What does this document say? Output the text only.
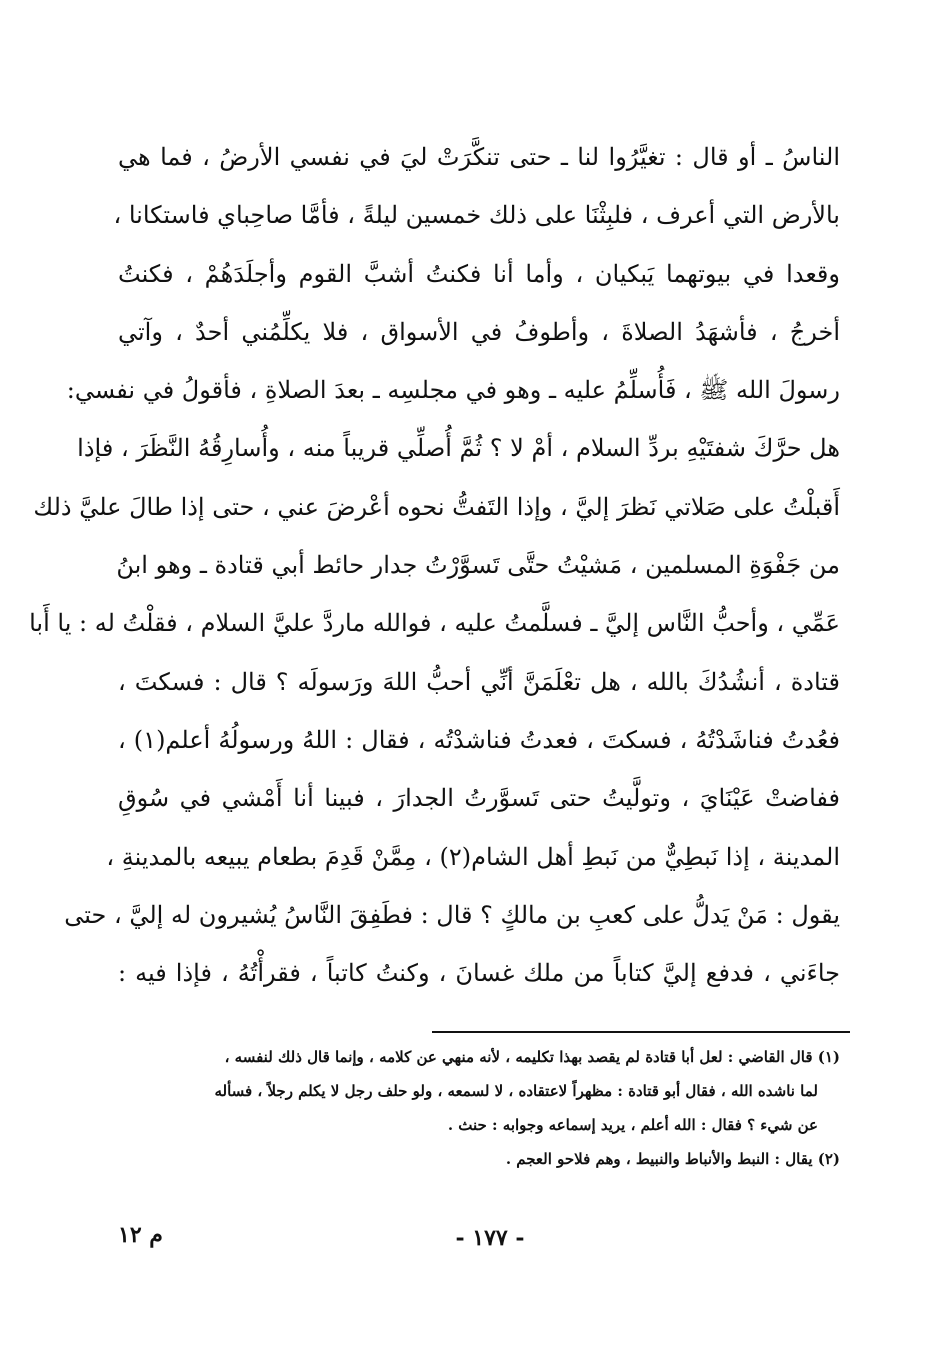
الناسُ ـ أو قال : تغيَّرُوا لنا ـ حتى تنكَّرَتْ ليَ في نفسي الأرضُ ، فما هي
بالأرض التي أعرف ، فلبِثْنَا على ذلك خمسين ليلةً ، فأمَّا صاحِباي فاستكانا ،
وقعدا في بيوتهما يَبكيان ، وأما أنا فكنتُ أشبَّ القوم وأجلَدَهُمْ ، فكنتُ
أخرجُ ، فأشهَدُ الصلاةَ ، وأطوفُ في الأسواق ، فلا يكلِّمُني أحدٌ ، وآتي
رسولَ الله ﷺ ، فَأُسلِّمُ عليه ـ وهو في مجلسِه ـ بعدَ الصلاةِ ، فأقولُ في نفسي:
هل حرَّكَ شفتَيْهِ بردِّ السلام ، أمْ لا ؟ ثُمَّ أُصلِّي قريباً منه ، وأُسارِقُهُ النَّظَرَ ، فإذا
أَقبلْتُ على صَلاتي نَظرَ إليَّ ، وإذا التَفتُّ نحوه أعْرضَ عني ، حتى إذا طالَ عليَّ ذلك
من جَفْوَةِ المسلمين ، مَشيْتُ حتَّى تَسوَّرْتُ جدار حائط أبي قتادة ـ وهو ابنُ
عَمِّي ، وأحبُّ النَّاس إليَّ ـ فسلَّمتُ عليه ، فوالله ماردَّ عليَّ السلام ، فقلْتُ له : يا أَبا
قتادة ، أنشُدُكَ بالله ، هل تعْلَمَنَّ أنِّي أحبُّ اللهَ ورَسولَه ؟ قال : فسكتَ ،
فعُدتُ فناشَدْتُهُ ، فسكتَ ، فعدتُ فناشدْتُه ، فقال : اللهُ ورسولُهُ أعلم(١) ،
ففاضتْ عَيْنَايَ ، وتولَّيتُ حتى تَسوَّرتُ الجدارَ ، فبينا أنا أَمْشي في سُوقِ
المدينة ، إذا نَبطِيٌّ من نَبطِ أهل الشام(٢) ، مِمَّنْ قَدِمَ بطعام يبيعه بالمدينةِ ،
يقول : مَنْ يَدلُّ على كعبِ بن مالكٍ ؟ قال : فطَفِقَ النَّاسُ يُشيرون له إليَّ ، حتى
جاءَني ، فدفع إليَّ كتاباً من ملك غسانَ ، وكنتُ كاتباً ، فقرأْتُهُ ، فإذا فيه :
(١) قال القاضي : لعل أبا قتادة لم يقصد بهذا تكليمه ، لأنه منهي عن كلامه ، وإنما قال ذلك لنفسه ،
لما ناشده الله ، فقال أبو قتادة : مظهراً لاعتقاده ، لا لسمعه ، ولو حلف رجل لا يكلم رجلاً ، فسأله
عن شيء ؟ فقال : الله أعلم ، يريد إسماعه وجوابه : حنث .
(٢) يقال : النبط والأنباط والنبيط ، وهم فلاحو العجم .
- ١٧٧ -
م ١٢
